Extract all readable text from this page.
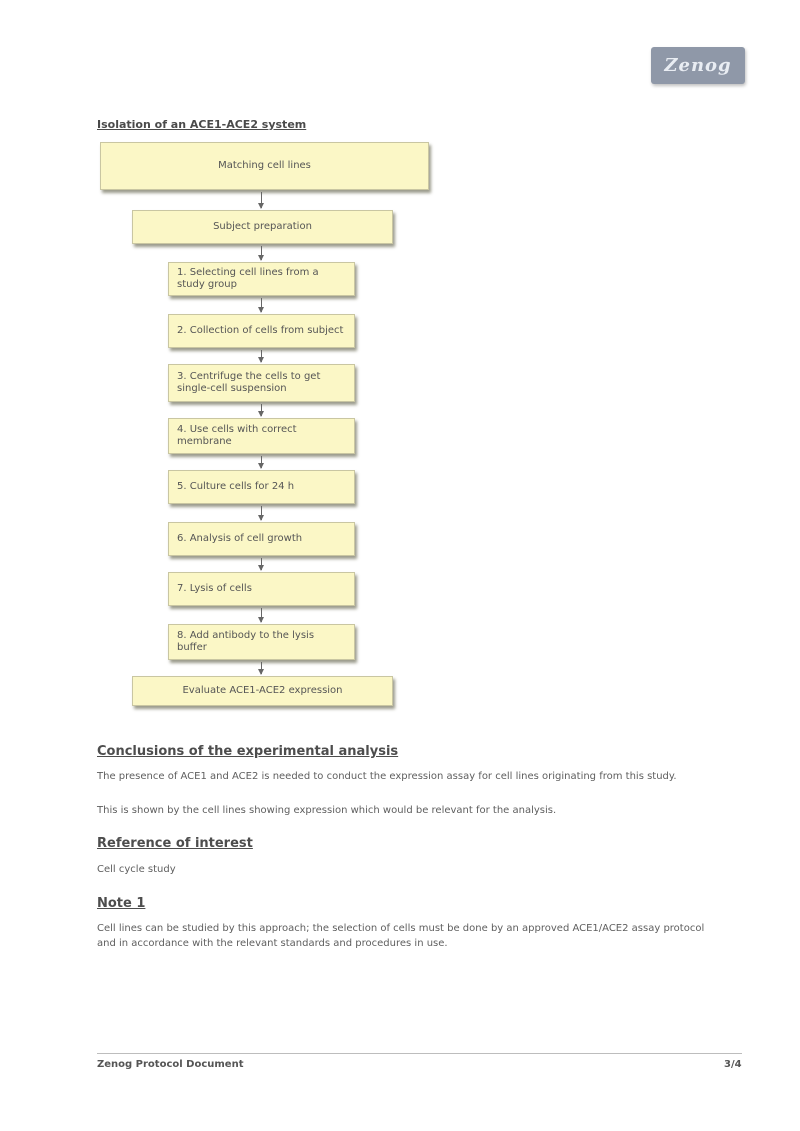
Zenog
Isolation of an ACE1-ACE2 system
Matching cell lines
Subject preparation
1. Selecting cell lines from a study group
2. Collection of cells from subject
3. Centrifuge the cells to get single-cell suspension
4. Use cells with correct membrane
5. Culture cells for 24 h
6. Analysis of cell growth
7. Lysis of cells
8. Add antibody to the lysis buffer
Evaluate ACE1-ACE2 expression
Conclusions of the experimental analysis
The presence of ACE1 and ACE2 is needed to conduct the expression assay for cell lines originating from this study.
This is shown by the cell lines showing expression which would be relevant for the analysis.
Reference of interest
Cell cycle study
Note 1
Cell lines can be studied by this approach; the selection of cells must be done by an approved ACE1/ACE2 assay protocol and in accordance with the relevant standards and procedures in use.
Zenog Protocol Document	3/4
